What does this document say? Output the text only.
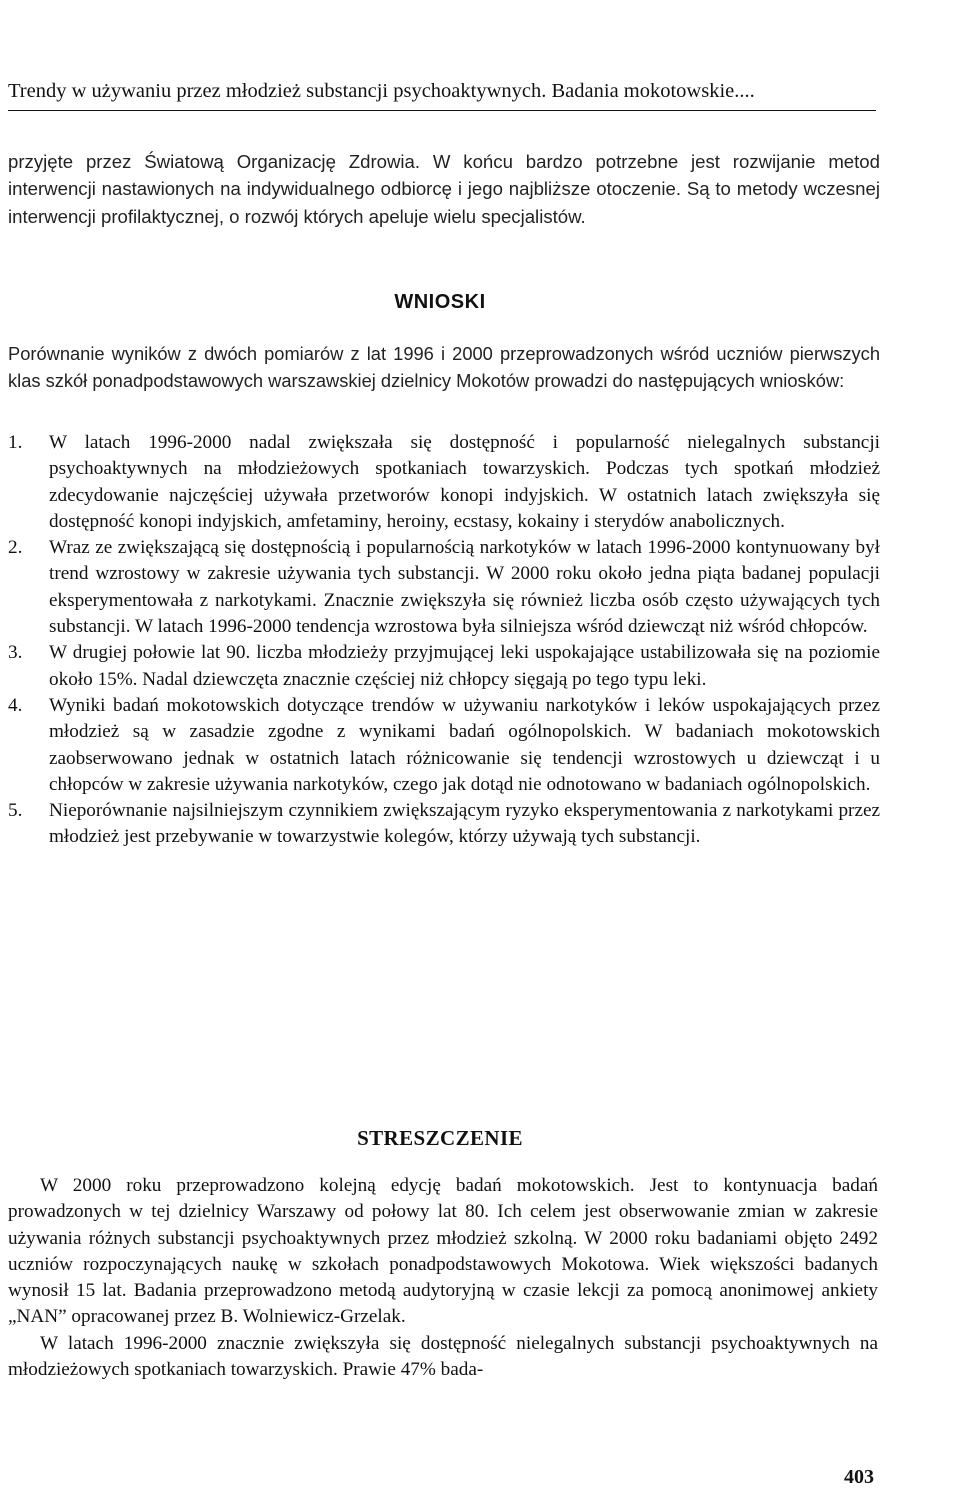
Trendy w używaniu przez młodzież substancji psychoaktywnych. Badania mokotowskie....

przyjęte przez Światową Organizację Zdrowia. W końcu bardzo potrzebne jest rozwijanie metod interwencji nastawionych na indywidualnego odbiorcę i jego najbliższe otoczenie. Są to metody wczesnej interwencji profilaktycznej, o rozwój których apeluje wielu specjalistów.

WNIOSKI

Porównanie wyników z dwóch pomiarów z lat 1996 i 2000 przeprowadzonych wśród uczniów pierwszych klas szkół ponadpodstawowych warszawskiej dzielnicy Mokotów prowadzi do następujących wniosków:

1.	W latach 1996-2000 nadal zwiększała się dostępność i popularność nielegalnych substancji psychoaktywnych na młodzieżowych spotkaniach towarzyskich. Podczas tych spotkań młodzież zdecydowanie najczęściej używała przetworów konopi indyjskich. W ostatnich latach zwiększyła się dostępność konopi indyjskich, amfetaminy, heroiny, ecstasy, kokainy i sterydów anabolicznych.
2.	Wraz ze zwiększającą się dostępnością i popularnością narkotyków w latach 1996-2000 kontynuowany był trend wzrostowy w zakresie używania tych substancji. W 2000 roku około jedna piąta badanej populacji eksperymentowała z narkotykami. Znacznie zwiększyła się również liczba osób często używających tych substancji. W latach 1996-2000 tendencja wzrostowa była silniejsza wśród dziewcząt niż wśród chłopców.
3.	W drugiej połowie lat 90. liczba młodzieży przyjmującej leki uspokajające ustabilizowała się na poziomie około 15%. Nadal dziewczęta znacznie częściej niż chłopcy sięgają po tego typu leki.
4.	Wyniki badań mokotowskich dotyczące trendów w używaniu narkotyków i leków uspokajających przez młodzież są w zasadzie zgodne z wynikami badań ogólnopolskich. W badaniach mokotowskich zaobserwowano jednak w ostatnich latach różnicowanie się tendencji wzrostowych u dziewcząt i u chłopców w zakresie używania narkotyków, czego jak dotąd nie odnotowano w badaniach ogólnopolskich.
5.	Nieporównanie najsilniejszym czynnikiem zwiększającym ryzyko eksperymentowania z narkotykami przez młodzież jest przebywanie w towarzystwie kolegów, którzy używają tych substancji.
STRESZCZENIE

W 2000 roku przeprowadzono kolejną edycję badań mokotowskich. Jest to kontynuacja badań prowadzonych w tej dzielnicy Warszawy od połowy lat 80. Ich celem jest obserwowanie zmian w zakresie używania różnych substancji psychoaktywnych przez młodzież szkolną. W 2000 roku badaniami objęto 2492 uczniów rozpoczynających naukę w szkołach ponadpodstawowych Mokotowa. Wiek większości badanych wynosił 15 lat. Badania przeprowadzono metodą audytoryjną w czasie lekcji za pomocą anonimowej ankiety „NAN” opracowanej przez B. Wolniewicz-Grzelak.

W latach 1996-2000 znacznie zwiększyła się dostępność nielegalnych substancji psychoaktywnych na młodzieżowych spotkaniach towarzyskich. Prawie 47% bada-

403
